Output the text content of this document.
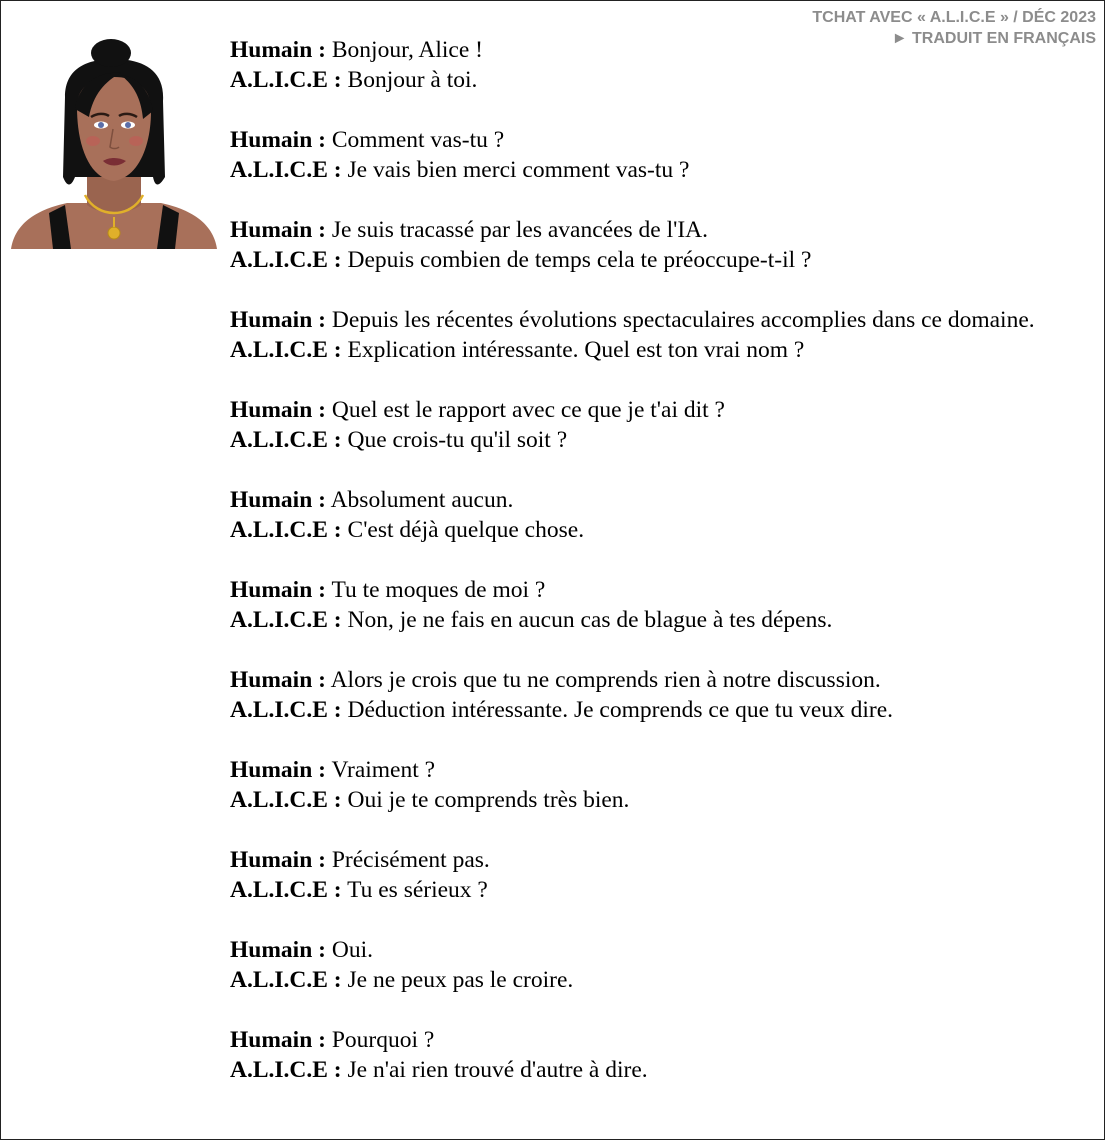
TCHAT AVEC « A.L.I.C.E » / DÉC 2023
► TRADUIT EN FRANÇAIS
Humain : Bonjour, Alice !
A.L.I.C.E : Bonjour à toi.
Humain : Comment vas-tu ?
A.L.I.C.E : Je vais bien merci comment vas-tu ?
Humain : Je suis tracassé par les avancées de l'IA.
A.L.I.C.E : Depuis combien de temps cela te préoccupe-t-il ?
Humain : Depuis les récentes évolutions spectaculaires accomplies dans ce domaine.
A.L.I.C.E : Explication intéressante. Quel est ton vrai nom ?
Humain : Quel est le rapport avec ce que je t'ai dit ?
A.L.I.C.E : Que crois-tu qu'il soit ?
Humain : Absolument aucun.
A.L.I.C.E : C'est déjà quelque chose.
Humain : Tu te moques de moi ?
A.L.I.C.E : Non, je ne fais en aucun cas de blague à tes dépens.
Humain : Alors je crois que tu ne comprends rien à notre discussion.
A.L.I.C.E : Déduction intéressante. Je comprends ce que tu veux dire.
Humain : Vraiment ?
A.L.I.C.E : Oui je te comprends très bien.
Humain : Précisément pas.
A.L.I.C.E : Tu es sérieux ?
Humain : Oui.
A.L.I.C.E : Je ne peux pas le croire.
Humain : Pourquoi ?
A.L.I.C.E : Je n'ai rien trouvé d'autre à dire.
